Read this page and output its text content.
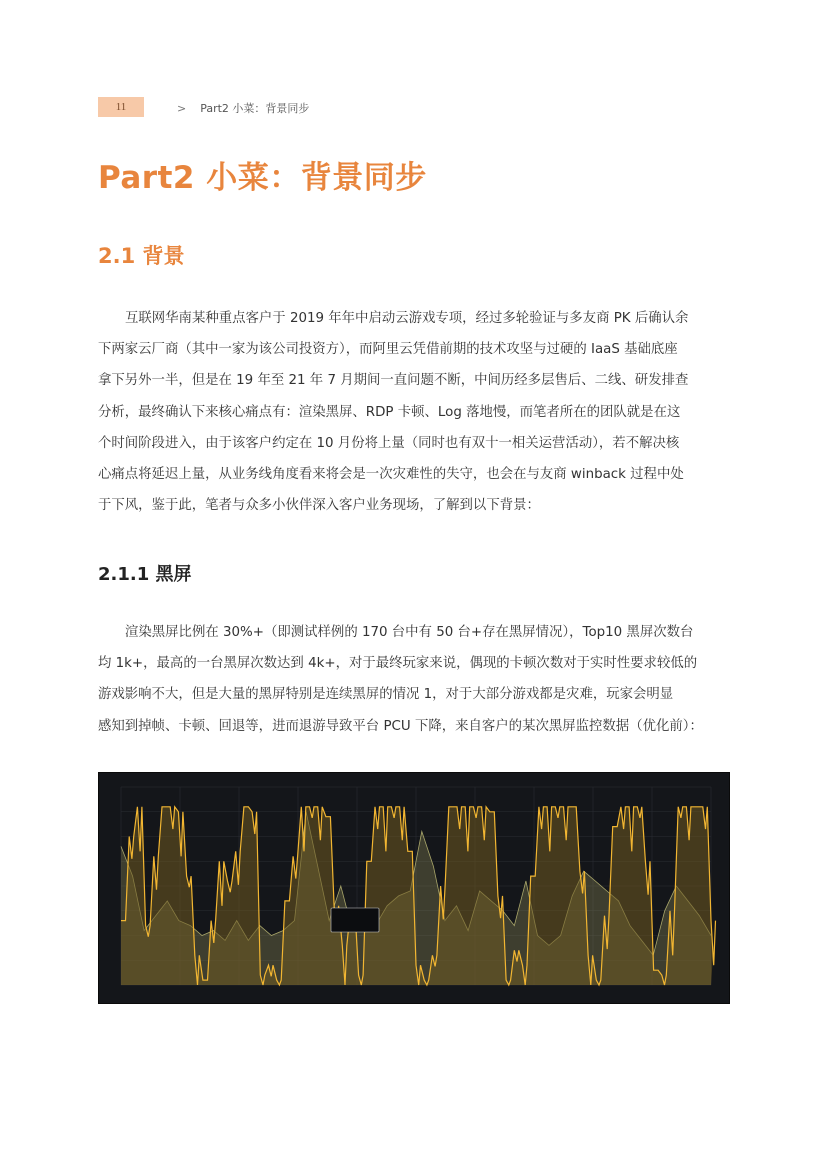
11	> Part2 小菜：背景同步
Part2 小菜：背景同步
2.1 背景
互联网华南某种重点客户于 2019 年年中启动云游戏专项，经过多轮验证与多友商 PK 后确认余
下两家云厂商（其中一家为该公司投资方），而阿里云凭借前期的技术攻坚与过硬的 IaaS 基础底座
拿下另外一半，但是在 19 年至 21 年 7 月期间一直问题不断，中间历经多层售后、二线、研发排查
分析，最终确认下来核心痛点有：渲染黑屏、RDP 卡顿、Log 落地慢，而笔者所在的团队就是在这
个时间阶段进入，由于该客户约定在 10 月份将上量（同时也有双十一相关运营活动），若不解决核
心痛点将延迟上量，从业务线角度看来将会是一次灾难性的失守，也会在与友商 winback 过程中处
于下风，鉴于此，笔者与众多小伙伴深入客户业务现场，了解到以下背景：
2.1.1 黑屏
渲染黑屏比例在 30%+（即测试样例的 170 台中有 50 台+存在黑屏情况），Top10 黑屏次数台
均 1k+，最高的一台黑屏次数达到 4k+，对于最终玩家来说，偶现的卡顿次数对于实时性要求较低的
游戏影响不大，但是大量的黑屏特别是连续黑屏的情况 1，对于大部分游戏都是灾难，玩家会明显
感知到掉帧、卡顿、回退等，进而退游导致平台 PCU 下降，来自客户的某次黑屏监控数据（优化前）：
